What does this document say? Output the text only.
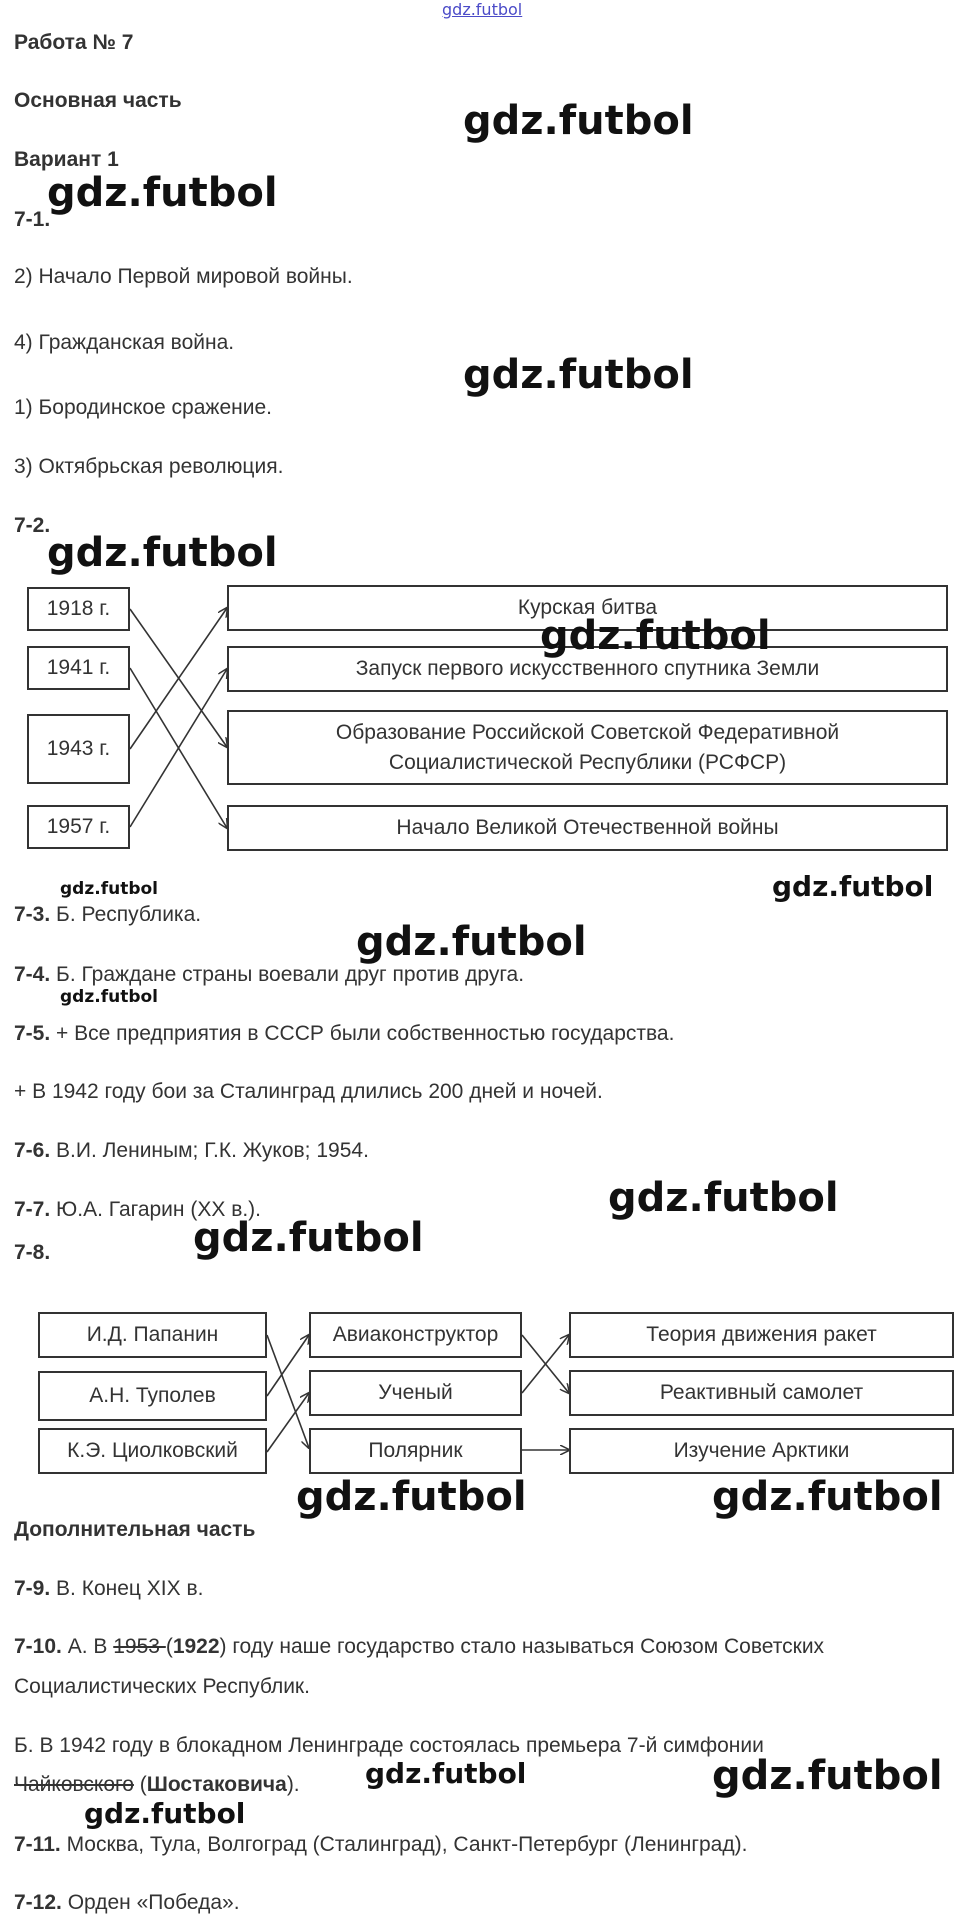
gdz.futbol
Работа № 7
Основная часть
Вариант 1
7-1.
2) Начало Первой мировой войны.
4) Гражданская война.
1) Бородинское сражение.
3) Октябрьская революция.
7-2.
1918 г.
1941 г.
1943 г.
1957 г.
Курская битва
Запуск первого искусственного спутника Земли
Образование Российской Советской Федеративной
Социалистической Республики (РСФСР)
Начало Великой Отечественной войны
7-3. Б. Республика.
7-4. Б. Граждане страны воевали друг против друга.
7-5. + Все предприятия в СССР были собственностью государства.
+ В 1942 году бои за Сталинград длились 200 дней и ночей.
7-6. В.И. Лениным; Г.К. Жуков; 1954.
7-7. Ю.А. Гагарин (XX в.).
7-8.
И.Д. Папанин
А.Н. Туполев
К.Э. Циолковский
Авиаконструктор
Ученый
Полярник
Теория движения ракет
Реактивный самолет
Изучение Арктики
Дополнительная часть
7-9. В. Конец XIX в.
7-10. А. В 1953 (1922) году наше государство стало называться Союзом Советских
Социалистических Республик.
Б. В 1942 году в блокадном Ленинграде состоялась премьера 7-й симфонии
Чайковского (Шостаковича).
7-11. Москва, Тула, Волгоград (Сталинград), Санкт-Петербург (Ленинград).
7-12. Орден «Победа».
gdz.futbol
gdz.futbol
gdz.futbol
gdz.futbol
gdz.futbol
gdz.futbol	gdz.futbol
gdz.futbol
gdz.futbol
gdz.futbol
gdz.futbol
gdz.futbol	gdz.futbol
gdz.futbol	gdz.futbol
gdz.futbol
